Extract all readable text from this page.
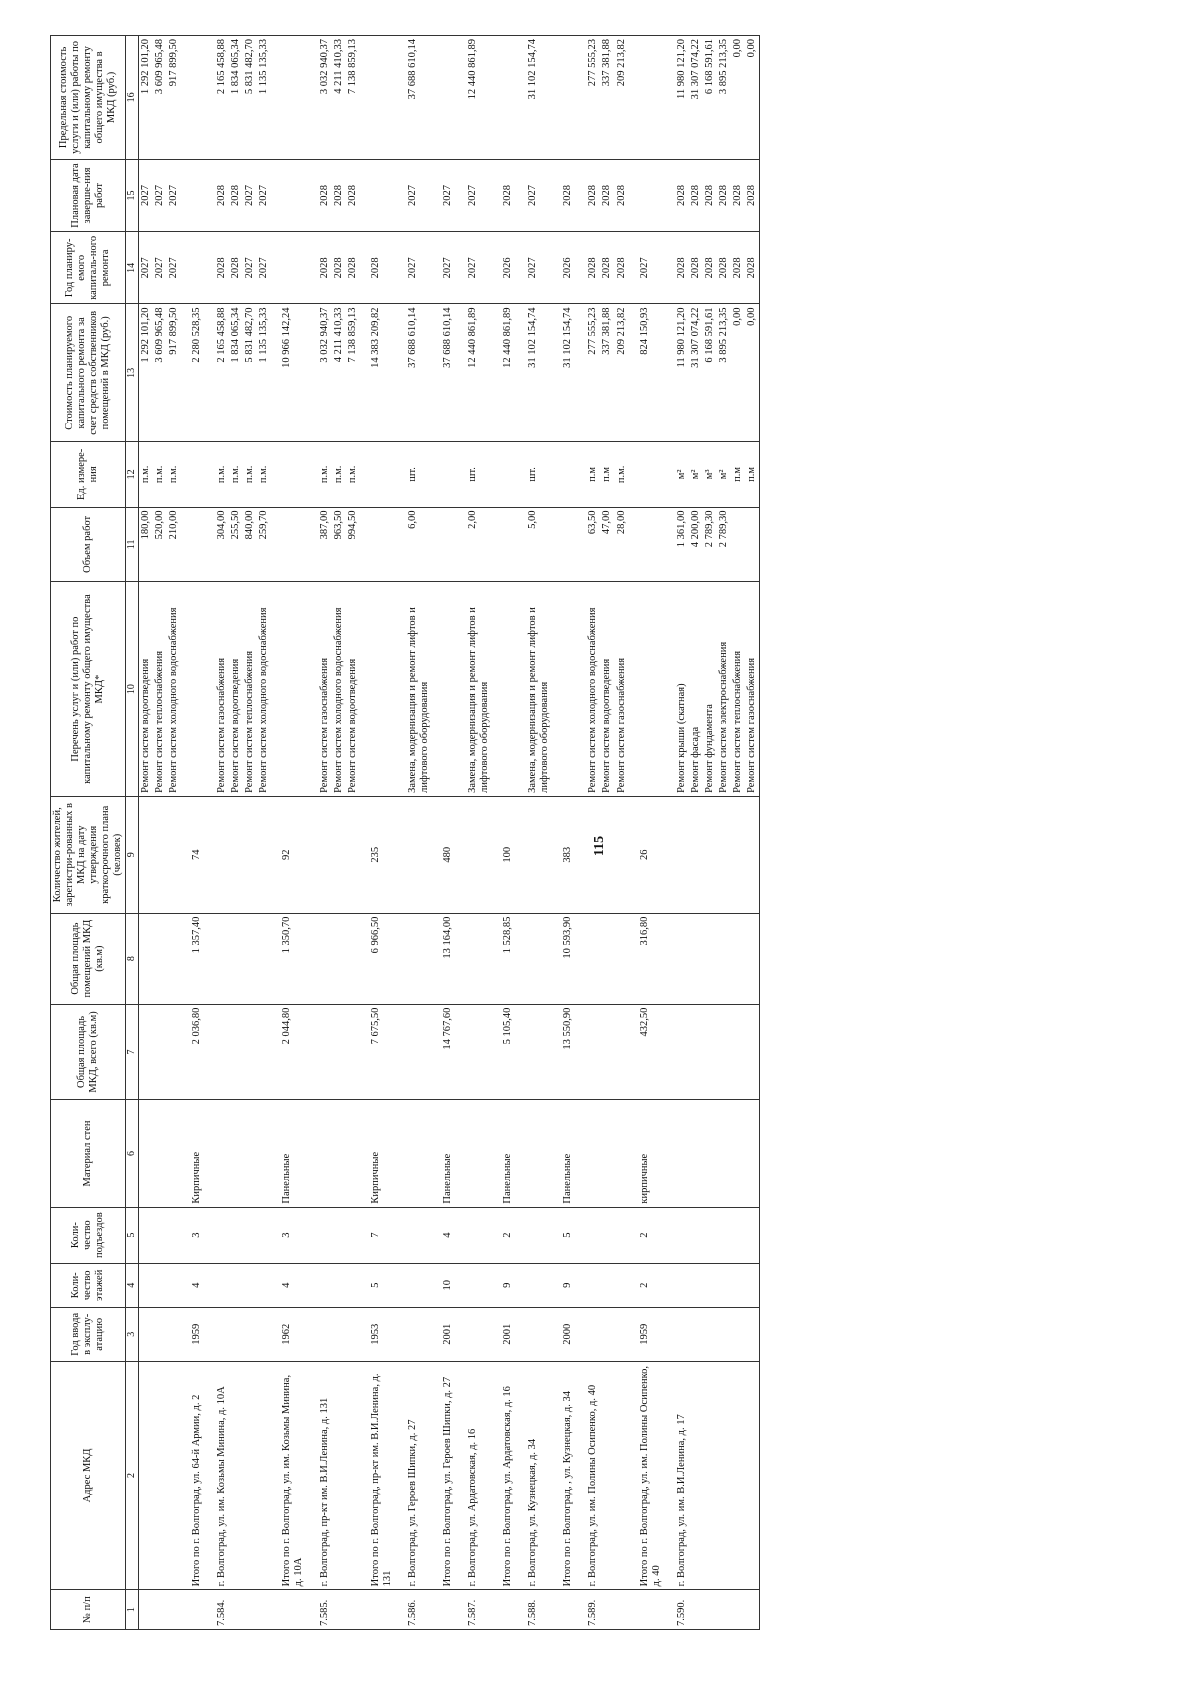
115
№ п/п	Адрес МКД	Год ввода в эксплу-атацию	Коли-чество этажей	Коли-чество подъездов	Материал стен	Общая площадь МКД, всего (кв.м)	Общая площадь помещений МКД (кв.м)	Количество жителей, зарегистри-рованных в МКД на дату утверждения краткосрочного плана (человек)	Перечень услуг и (или) работ по капитальному ремонту общего имущества МКД*	Объем работ	Ед. измере-ния	Стоимость планируемого капитального ремонта за счет средств собственников помещений в МКД (руб.)	Год планиру-емого капиталь-ного ремонта	Плановая дата заверше-ния работ	Предельная стоимость услуги и (или) работы по капитальному ремонту общего имущества в МКД (руб.)
1	2	3	4	5	6	7	8	9	10	11	12	13	14	15	16
									Ремонт систем водоотведения	180,00	п.м.	1 292 101,20	2027	2027	1 292 101,20
									Ремонт систем теплоснабжения	520,00	п.м.	3 609 965,48	2027	2027	3 609 965,48
									Ремонт систем холодного водоснабжения	210,00	п.м.	917 899,50	2027	2027	917 899,50
	Итого по г. Волгоград, ул. 64-й Армии, д. 2	1959	4	3	Кирпичные	2 036,80	1 357,40	74				2 280 528,35			
7.584.	г. Волгоград, ул. им. Козьмы Минина, д. 10А								Ремонт систем газоснабжения	304,00	п.м.	2 165 458,88	2028	2028	2 165 458,88
									Ремонт систем водоотведения	255,50	п.м.	1 834 065,34	2028	2028	1 834 065,34
									Ремонт систем теплоснабжения	840,00	п.м.	5 831 482,70	2027	2027	5 831 482,70
									Ремонт систем холодного водоснабжения	259,70	п.м.	1 135 135,33	2027	2027	1 135 135,33
	Итого по г. Волгоград, ул. им. Козьмы Минина, д. 10А	1962	4	3	Панельные	2 044,80	1 350,70	92				10 966 142,24			
7.585.	г. Волгоград, пр-кт им. В.И.Ленина, д. 131								Ремонт систем газоснабжения	387,00	п.м.	3 032 940,37	2028	2028	3 032 940,37
									Ремонт систем холодного водоснабжения	963,50	п.м.	4 211 410,33	2028	2028	4 211 410,33
									Ремонт систем водоотведения	994,50	п.м.	7 138 859,13	2028	2028	7 138 859,13
	Итого по г. Волгоград, пр-кт им. В.И.Ленина, д. 131	1953	5	7	Кирпичные	7 675,50	6 966,50	235				14 383 209,82	2028		
7.586.	г. Волгоград, ул. Героев Шипки, д. 27								Замена, модернизация и ремонт лифтов и лифтового оборудования	6,00	шт.	37 688 610,14	2027	2027	37 688 610,14
	Итого по г. Волгоград, ул. Героев Шипки, д. 27	2001	10	4	Панельные	14 767,60	13 164,00	480				37 688 610,14	2027	2027	
7.587.	г. Волгоград, ул. Ардатовская, д. 16								Замена, модернизация и ремонт лифтов и лифтового оборудования	2,00	шт.	12 440 861,89	2027	2027	12 440 861,89
	Итого по г. Волгоград, ул. Ардатовская, д. 16	2001	9	2	Панельные	5 105,40	1 528,85	100				12 440 861,89	2026	2028	
7.588.	г. Волгоград, ул. Кузнецкая, д. 34								Замена, модернизация и ремонт лифтов и лифтового оборудования	5,00	шт.	31 102 154,74	2027	2027	31 102 154,74
	Итого по г. Волгоград, , ул. Кузнецкая, д. 34	2000	9	5	Панельные	13 550,90	10 593,90	383				31 102 154,74	2026	2028	
7.589.	г. Волгоград, ул. им. Полины Осипенко, д. 40								Ремонт систем холодного водоснабжения	63,50	п.м	277 555,23	2028	2028	277 555,23
									Ремонт систем водоотведения	47,00	п.м	337 381,88	2028	2028	337 381,88
									Ремонт систем газоснабжения	28,00	п.м.	209 213,82	2028	2028	209 213,82
	Итого по г. Волгоград, ул. им. Полины Осипенко, д. 40	1959	2	2	кирпичные	432,50	316,80	26				824 150,93	2027		
7.590.	г. Волгоград, ул. им. В.И.Ленина, д. 17								Ремонт крыши (скатная)	1 361,00	м²	11 980 121,20	2028	2028	11 980 121,20
									Ремонт фасада	4 200,00	м²	31 307 074,22	2028	2028	31 307 074,22
									Ремонт фундамента	2 789,30	м³	6 168 591,61	2028	2028	6 168 591,61
									Ремонт систем электроснабжения	2 789,30	м²	3 895 213,35	2028	2028	3 895 213,35
									Ремонт систем теплоснабжения		п.м	0,00	2028	2028	0,00
									Ремонт систем газоснабжения		п.м	0,00	2028	2028	0,00
